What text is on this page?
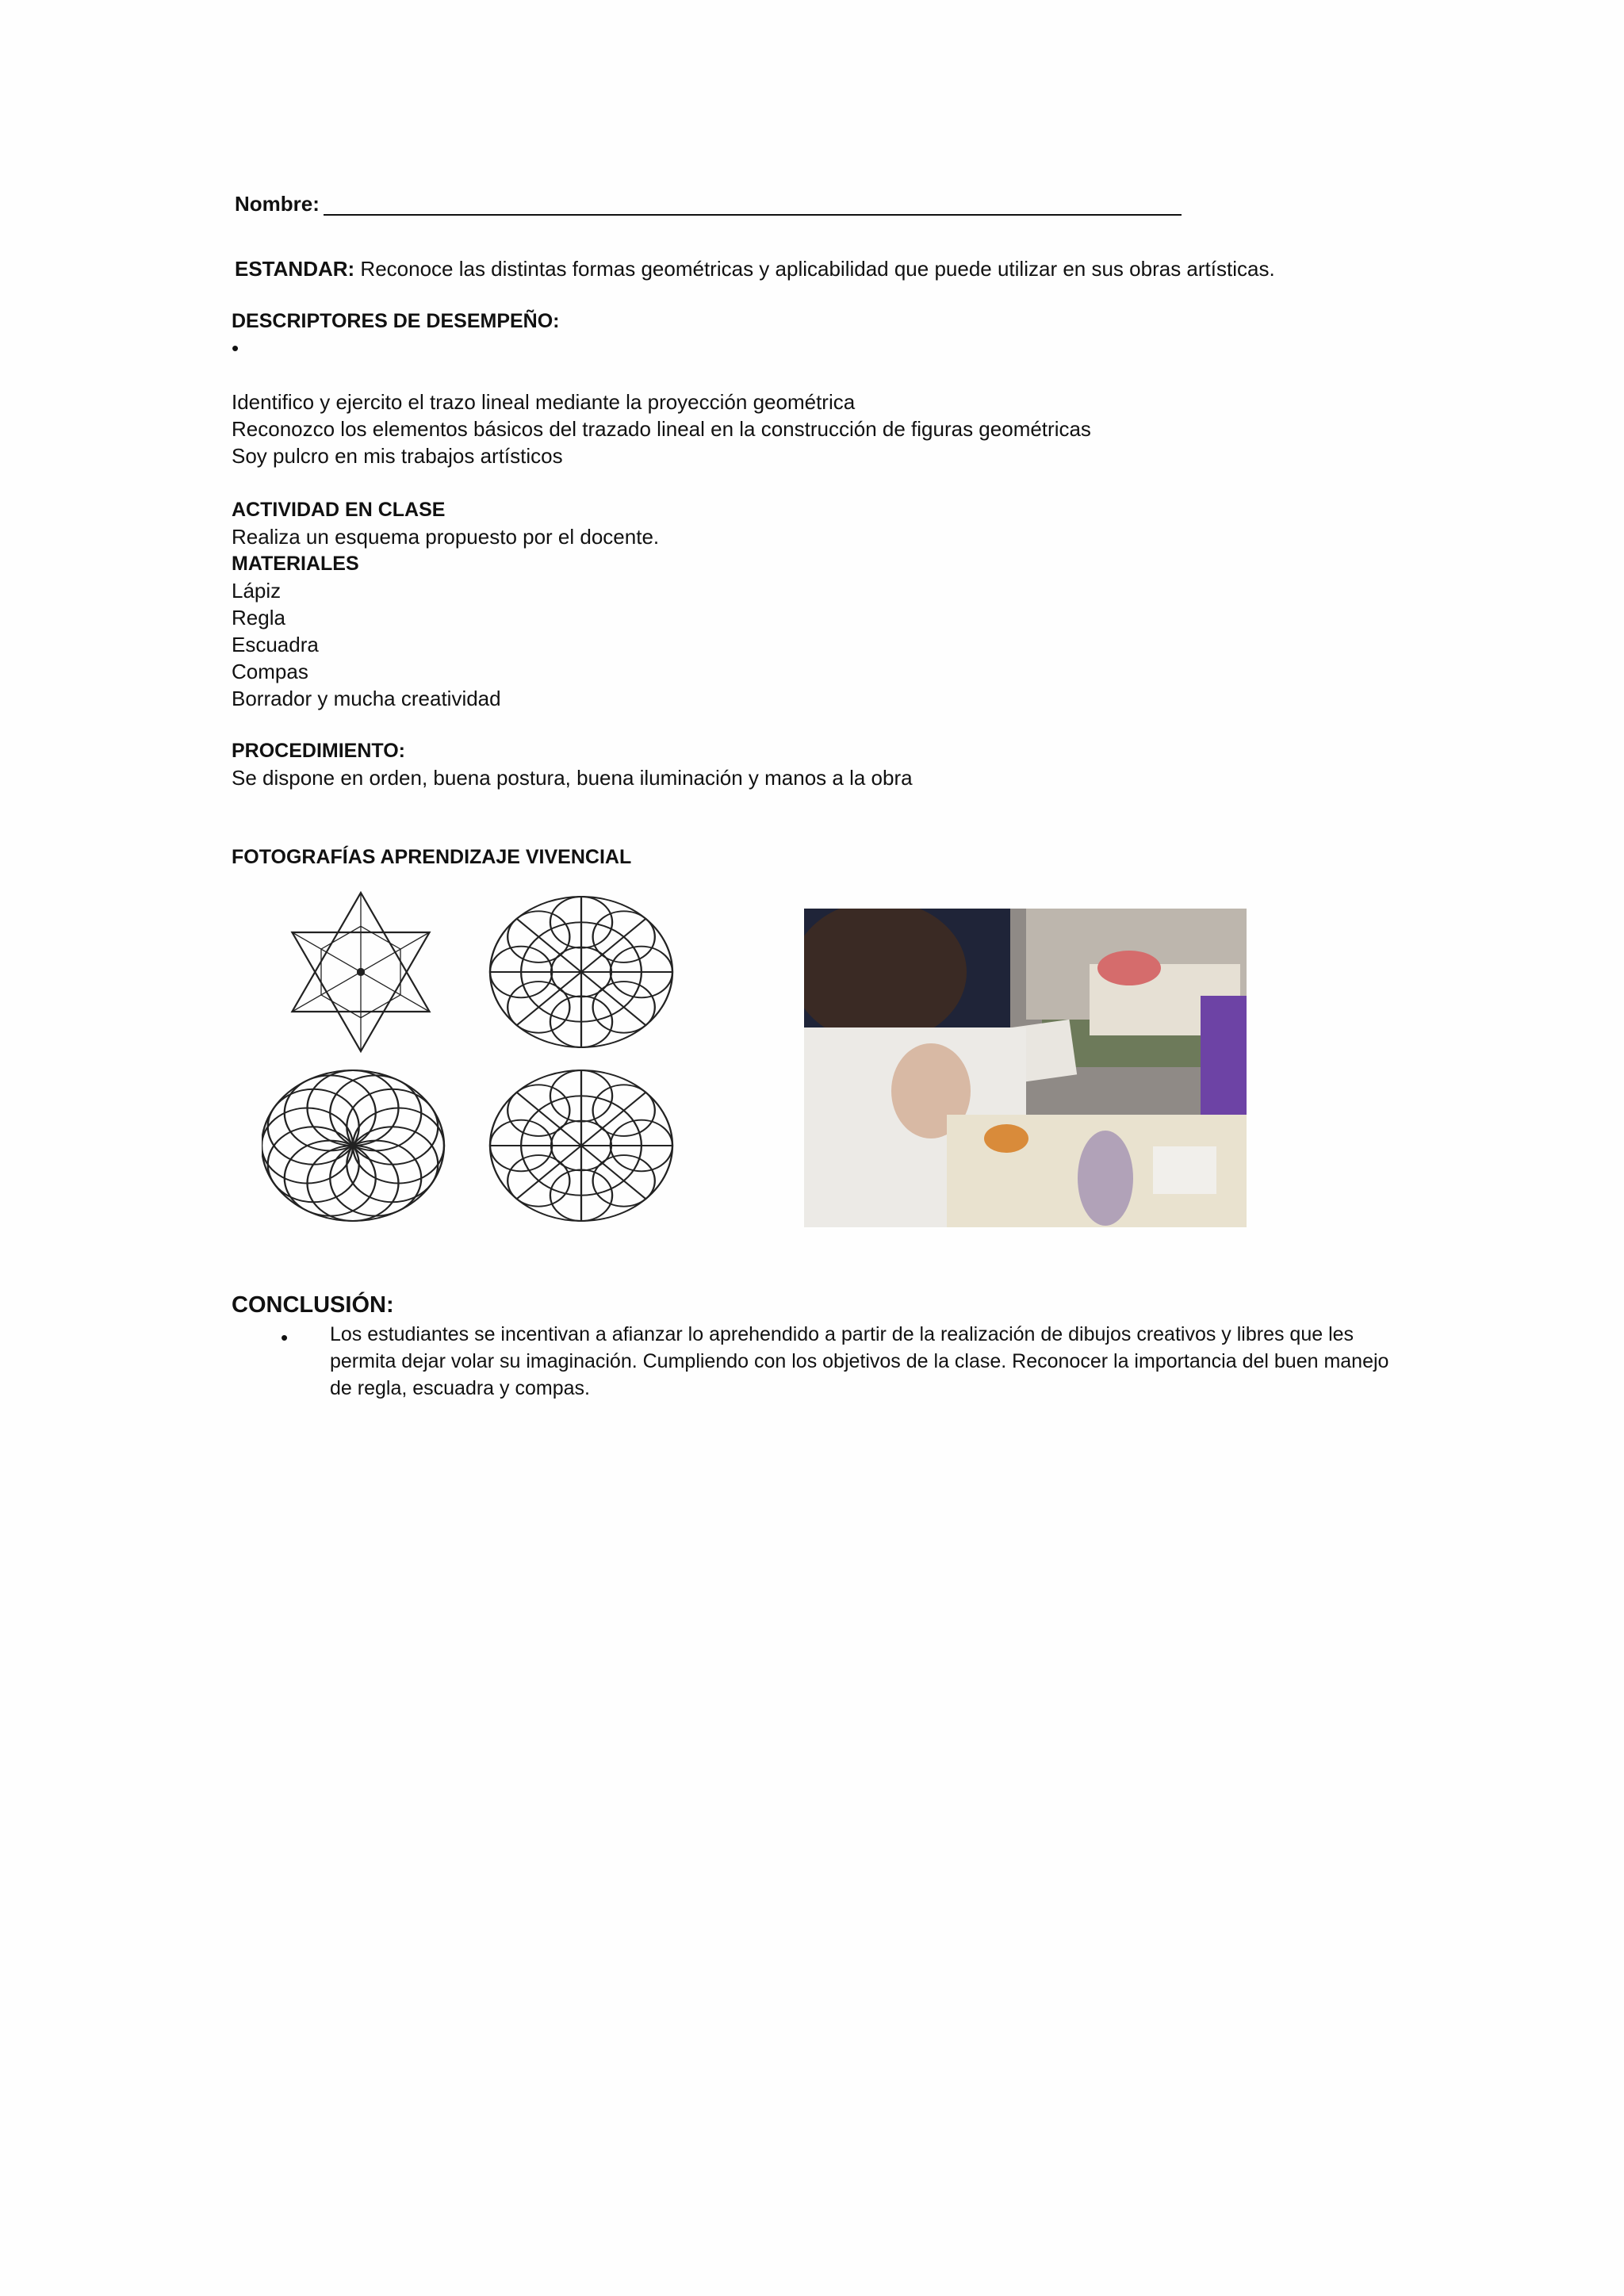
Nombre:
ESTANDAR: Reconoce las distintas formas geométricas y aplicabilidad que puede utilizar en sus obras artísticas.
DESCRIPTORES DE DESEMPEÑO:
•
Identifico y ejercito el trazo lineal mediante la proyección geométrica
Reconozco los elementos básicos del trazado lineal en la construcción de figuras geométricas
Soy pulcro en mis trabajos artísticos
ACTIVIDAD EN CLASE
Realiza un esquema propuesto por el docente.
MATERIALES
Lápiz
Regla
Escuadra
Compas
Borrador y mucha creatividad
PROCEDIMIENTO:
Se dispone en orden, buena postura, buena iluminación y manos a la obra
FOTOGRAFÍAS APRENDIZAJE VIVENCIAL
CONCLUSIÓN:
• Los estudiantes se incentivan a afianzar lo aprehendido a partir de la realización de dibujos creativos y libres que les permita dejar volar su imaginación. Cumpliendo con los objetivos de la clase. Reconocer la importancia del buen manejo de regla, escuadra y compas.
